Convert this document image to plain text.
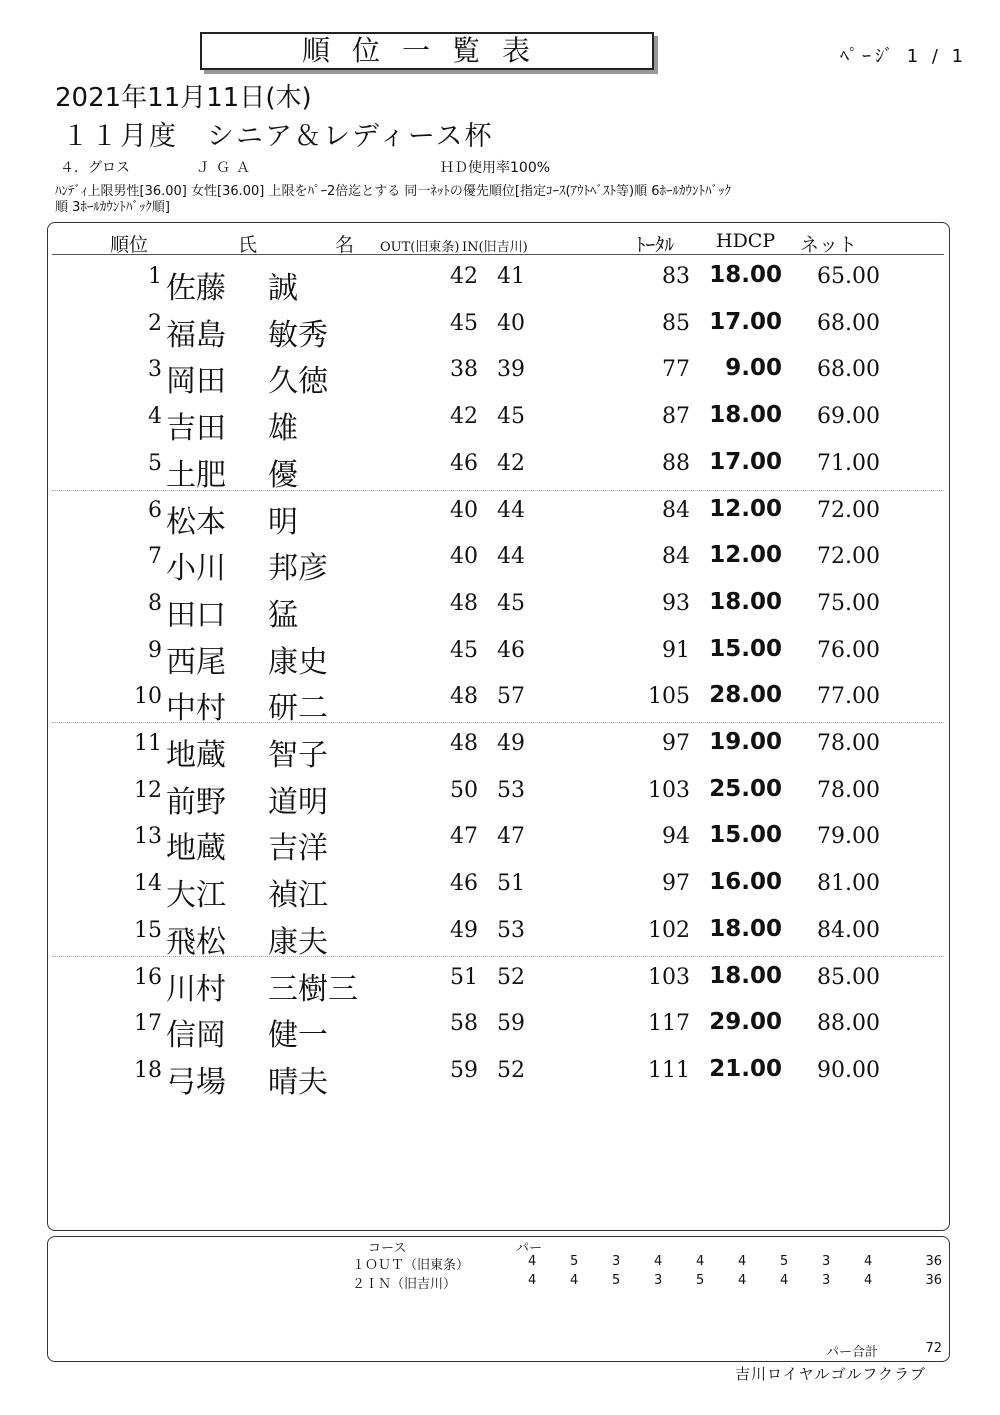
順位一覧表	ﾍﾟｰｼﾞ 1 / 1
2021年11月11日(木)
１１月度　シニア＆レディース杯
４．グロス	ＪＧＡ	ＨＤ使用率100%
ﾊﾝﾃﾞｨ上限男性[36.00] 女性[36.00] 上限をﾊﾟｰ2倍迄とする 同一ﾈｯﾄの優先順位[指定ｺｰｽ(ｱｳﾄﾍﾞｽﾄ等)順 6ﾎｰﾙｶｳﾝﾄﾊﾞｯｸ
順 3ﾎｰﾙｶｳﾝﾄﾊﾞｯｸ順]
順位	氏	名 OUT(旧東条) IN(旧吉川)	ﾄｰﾀﾙ HDCP ネット
1 佐藤	誠	42 41	83 18.00	65.00
2 福島	敏秀	45 40	85 17.00	68.00
3 岡田	久徳	38 39	77	9.00	68.00
4 吉田	雄	42 45	87 18.00	69.00
5 土肥	優	46 42	88 17.00	71.00
6 松本	明	40 44	84 12.00	72.00
7 小川	邦彦	40 44	84 12.00	72.00
8 田口	猛	48 45	93 18.00	75.00
9 西尾	康史	45 46	91 15.00	76.00
10 中村	研二	48 57	105 28.00	77.00
11 地蔵	智子	48 49	97 19.00	78.00
12 前野	道明	50 53	103 25.00	78.00
13 地蔵	吉洋	47 47	94 15.00	79.00
14 大江	禎江	46 51	97 16.00	81.00
15 飛松	康夫	49 53	102 18.00	84.00
16 川村	三樹三	51 52	103 18.00	85.00
17 信岡	健一	58 59	117 29.00	88.00
18 弓場	晴夫	59 52	111 21.00	90.00
コース	パー
１ＯＵＴ（旧東条）	4	5	3	4	4	4	5	3	4	36
２ＩＮ（旧吉川）	4	4	5	3	5	4	4	3	4	36
パー合計	72
吉川ロイヤルゴルフクラブ
